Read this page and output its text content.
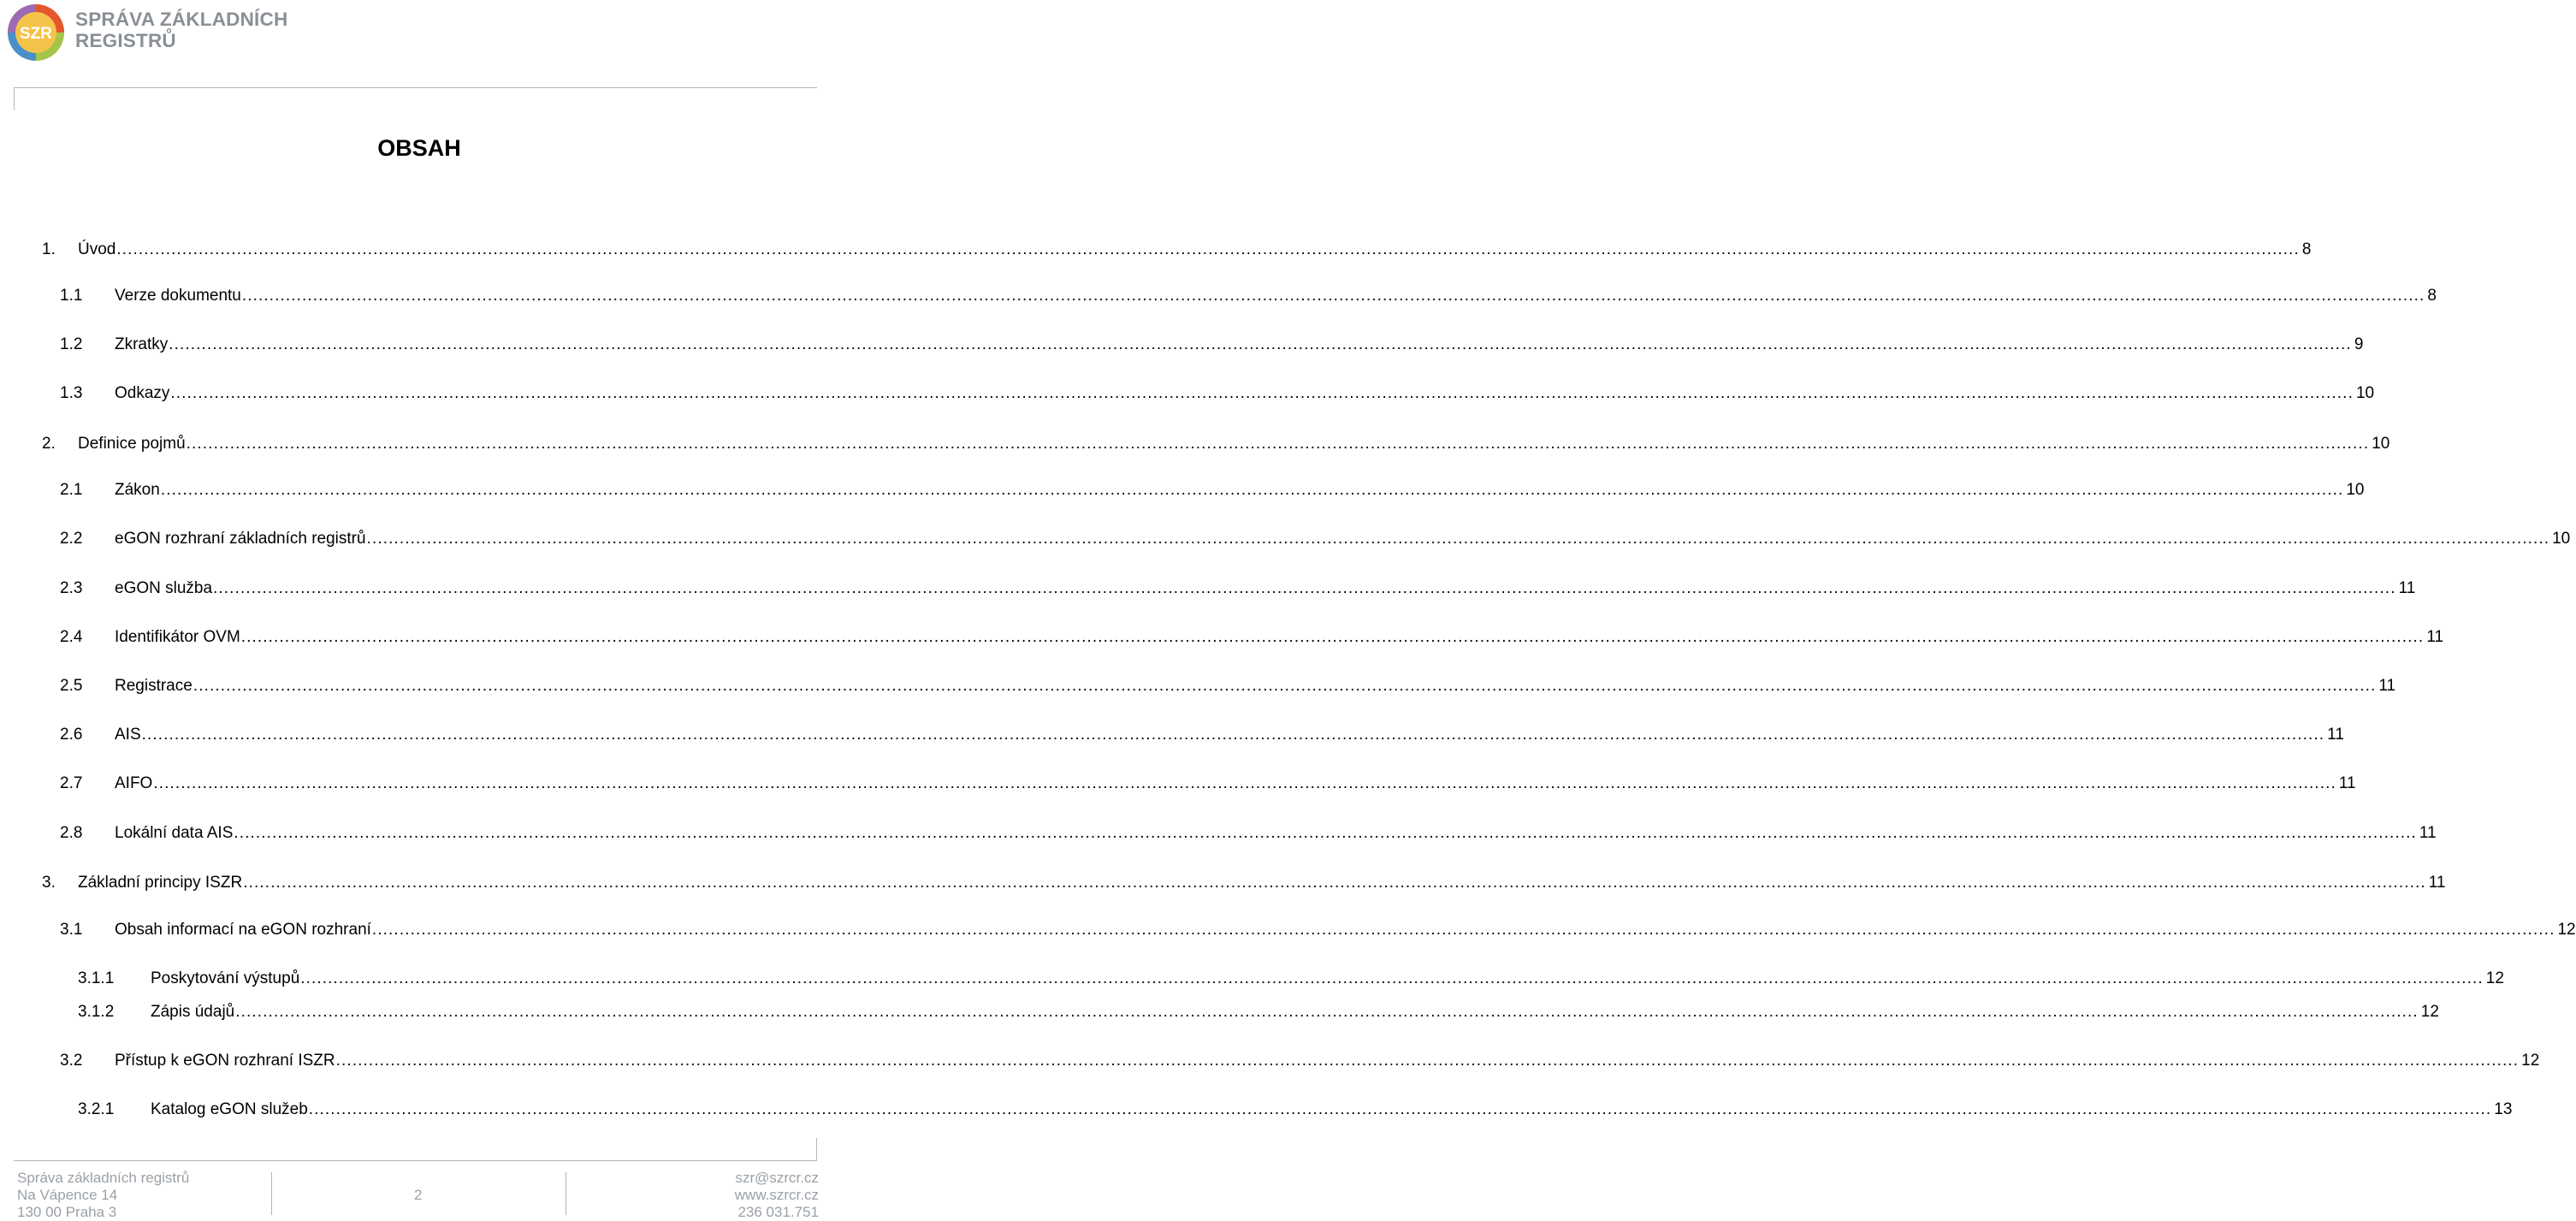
SZR
SPRÁVA ZÁKLADNÍCH
REGISTRŮ
OBSAH
1. Úvod ................................................................................................................................................................................................................................................................................................................................................................................................................ 8
1.1 Verze dokumentu ................................................................................................................................................................................................................................................................................................................................................................................................................ 8
1.2 Zkratky ................................................................................................................................................................................................................................................................................................................................................................................................................ 9
1.3 Odkazy ................................................................................................................................................................................................................................................................................................................................................................................................................ 10
2. Definice pojmů ................................................................................................................................................................................................................................................................................................................................................................................................................ 10
2.1 Zákon ................................................................................................................................................................................................................................................................................................................................................................................................................ 10
2.2 eGON rozhraní základních registrů ................................................................................................................................................................................................................................................................................................................................................................................................................ 10
2.3 eGON služba ................................................................................................................................................................................................................................................................................................................................................................................................................ 11
2.4 Identifikátor OVM ................................................................................................................................................................................................................................................................................................................................................................................................................ 11
2.5 Registrace ................................................................................................................................................................................................................................................................................................................................................................................................................ 11
2.6 AIS ................................................................................................................................................................................................................................................................................................................................................................................................................ 11
2.7 AIFO ................................................................................................................................................................................................................................................................................................................................................................................................................ 11
2.8 Lokální data AIS ................................................................................................................................................................................................................................................................................................................................................................................................................ 11
3. Základní principy ISZR ................................................................................................................................................................................................................................................................................................................................................................................................................ 11
3.1 Obsah informací na eGON rozhraní ................................................................................................................................................................................................................................................................................................................................................................................................................ 12
3.1.1 Poskytování výstupů ................................................................................................................................................................................................................................................................................................................................................................................................................ 12
3.1.2 Zápis údajů ................................................................................................................................................................................................................................................................................................................................................................................................................ 12
3.2 Přístup k eGON rozhraní ISZR ................................................................................................................................................................................................................................................................................................................................................................................................................ 12
3.2.1 Katalog eGON služeb ................................................................................................................................................................................................................................................................................................................................................................................................................ 13
Správa základních registrů
Na Vápence 14
130 00 Praha 3
2
szr@szrcr.cz
www.szrcr.cz
236 031.751
